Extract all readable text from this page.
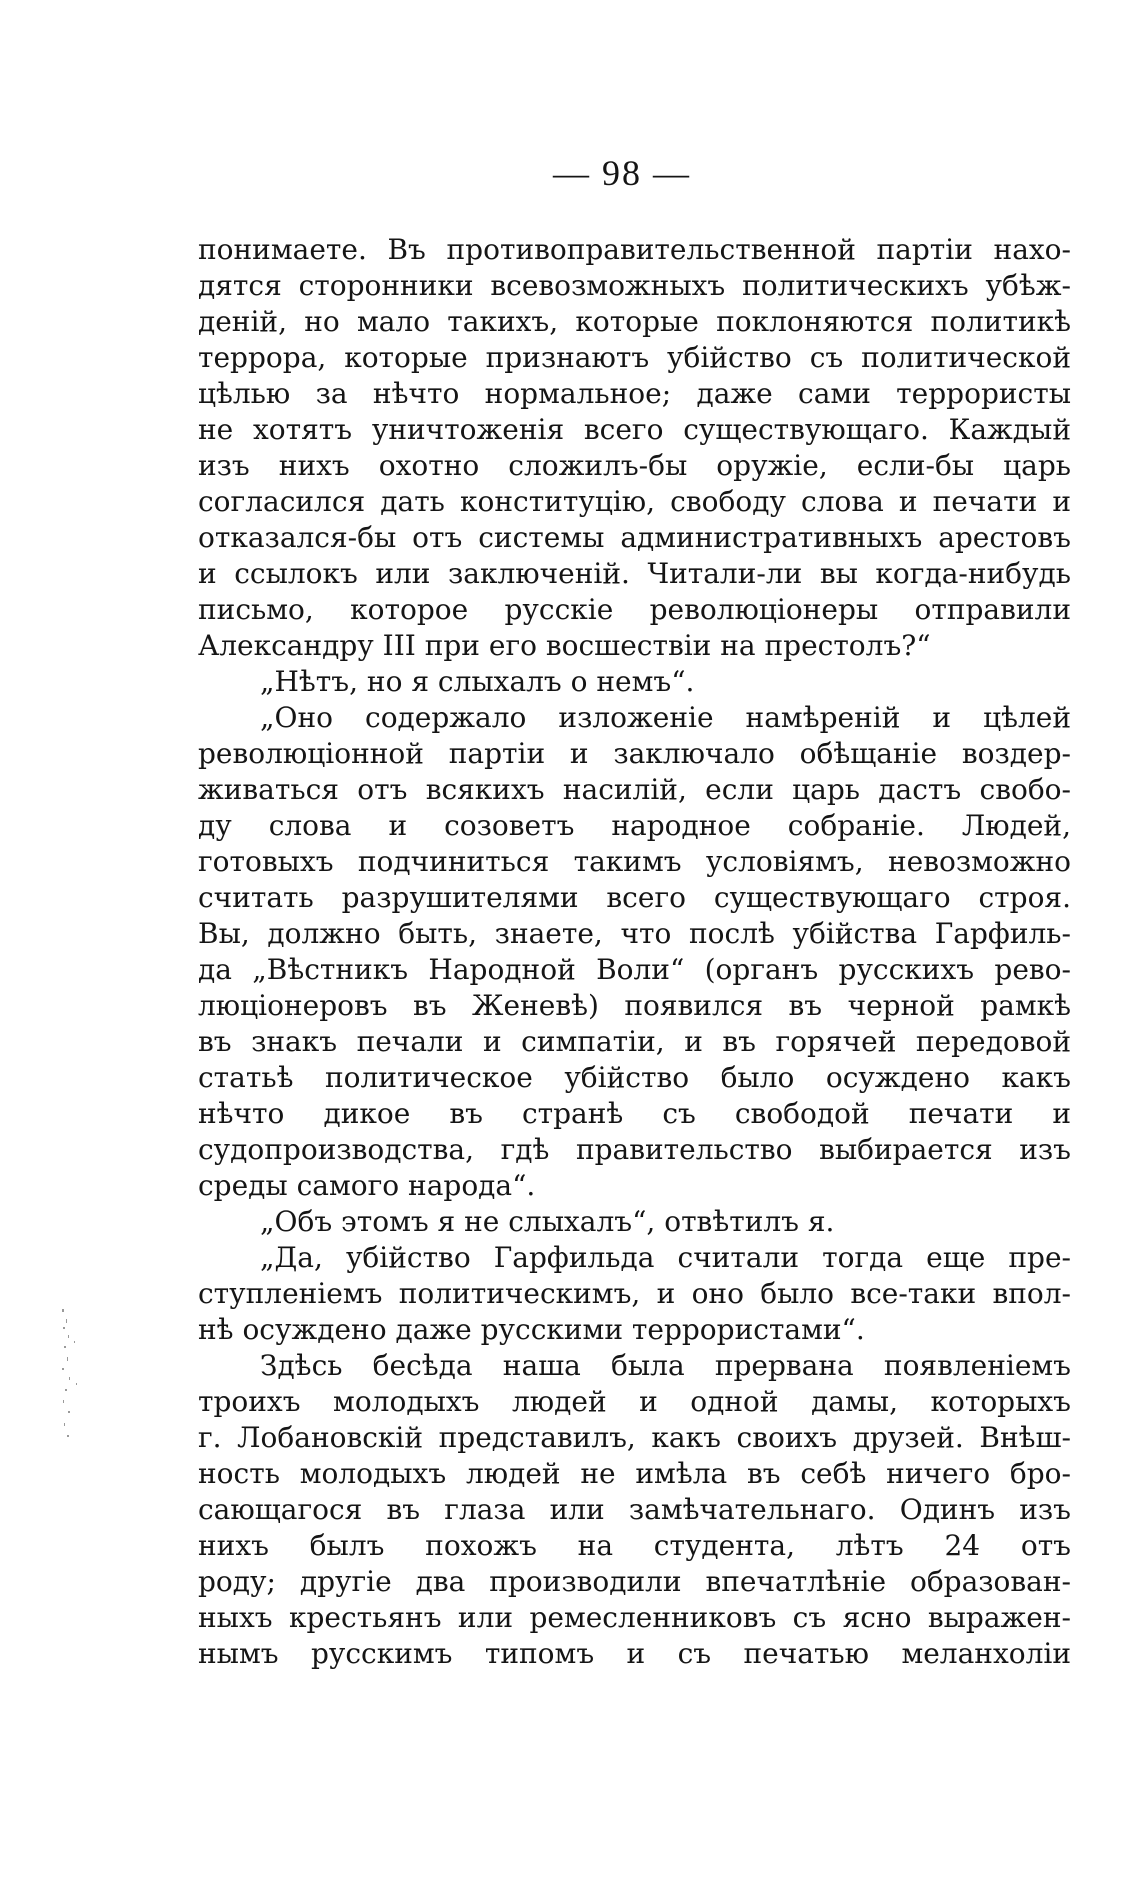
— 98 —
понимаете. Въ противоправительственной партіи нахо-
дятся сторонники всевозможныхъ политическихъ убѣж-
деній, но мало такихъ, которые поклоняются политикѣ
террора, которые признаютъ убійство съ политической
цѣлью за нѣчто нормальное; даже сами террористы
не хотятъ уничтоженія всего существующаго. Каждый
изъ нихъ охотно сложилъ-бы оружіе, если-бы царь
согласился дать конституцію, свободу слова и печати и
отказался-бы отъ системы административныхъ арестовъ
и ссылокъ или заключеній. Читали-ли вы когда-нибудь
письмо, которое русскіе революціонеры отправили
Александру III при его восшествіи на престолъ?“
„Нѣтъ, но я слыхалъ о немъ“.
„Оно содержало изложеніе намѣреній и цѣлей
революціонной партіи и заключало обѣщаніе воздер-
живаться отъ всякихъ насилій, если царь дастъ свобо-
ду слова и созоветъ народное собраніе. Людей,
готовыхъ подчиниться такимъ условіямъ, невозможно
считать разрушителями всего существующаго строя.
Вы, должно быть, знаете, что послѣ убійства Гарфиль-
да „Вѣстникъ Народной Воли“ (органъ русскихъ рево-
люціонеровъ въ Женевѣ) появился въ черной рамкѣ
въ знакъ печали и симпатіи, и въ горячей передовой
статьѣ политическое убійство было осуждено какъ
нѣчто дикое въ странѣ съ свободой печати и
судопроизводства, гдѣ правительство выбирается изъ
среды самого народа“.
„Объ этомъ я не слыхалъ“, отвѣтилъ я.
„Да, убійство Гарфильда считали тогда еще пре-
ступленіемъ политическимъ, и оно было все-таки впол-
нѣ осуждено даже русскими террористами“.
Здѣсь бесѣда наша была прервана появленіемъ
троихъ молодыхъ людей и одной дамы, которыхъ
г. Лобановскій представилъ, какъ своихъ друзей. Внѣш-
ность молодыхъ людей не имѣла въ себѣ ничего бро-
сающагося въ глаза или замѣчательнаго. Одинъ изъ
нихъ былъ похожъ на студента, лѣтъ 24 отъ
роду; другіе два производили впечатлѣніе образован-
ныхъ крестьянъ или ремесленниковъ съ ясно выражен-
нымъ русскимъ типомъ и съ печатью меланхоліи
